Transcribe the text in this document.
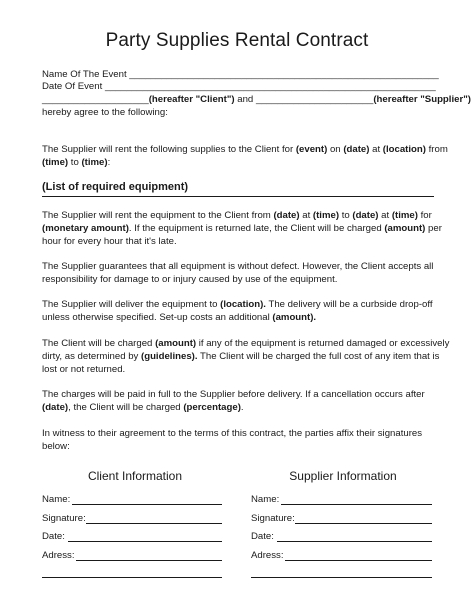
Party Supplies Rental Contract
Name Of The Event __________________________________________________________
Date Of Event ______________________________________________________________
____________________(hereafter "Client") and ______________________(hereafter "Supplier")
hereby agree to the following:
The Supplier will rent the following supplies to the Client for (event) on (date) at (location) from
(time) to (time):
(List of required equipment)
The Supplier will rent the equipment to the Client from (date) at (time) to (date) at (time) for
(monetary amount). If the equipment is returned late, the Client will be charged (amount) per
hour for every hour that it's late.
The Supplier guarantees that all equipment is without defect. However, the Client accepts all
responsibility for damage to or injury caused by use of the equipment.
The Supplier will deliver the equipment to (location). The delivery will be a curbside drop-off
unless otherwise specified. Set-up costs an additional (amount).
The Client will be charged (amount) if any of the equipment is returned damaged or excessively
dirty, as determined by (guidelines). The Client will be charged the full cost of any item that is
lost or not returned.
The charges will be paid in full to the Supplier before delivery. If a cancellation occurs after
(date), the Client will be charged (percentage).
In witness to their agreement to the terms of this contract, the parties affix their signatures
below:
Client Information
Name:
Signature:
Date:
Adress:
Supplier Information
Name:
Signature:
Date:
Adress:
